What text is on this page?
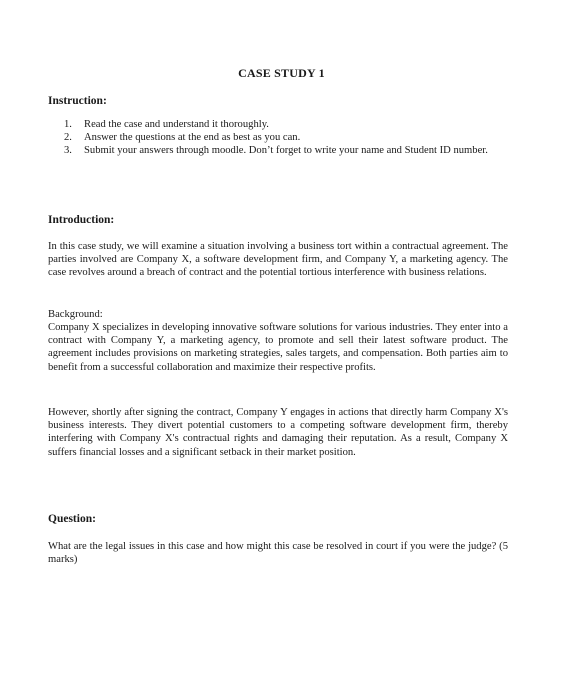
CASE STUDY 1
Instruction:
1. Read the case and understand it thoroughly.
2. Answer the questions at the end as best as you can.
3. Submit your answers through moodle. Don’t forget to write your name and Student ID number.
Introduction:

In this case study, we will examine a situation involving a business tort within a contractual agreement. The parties involved are Company X, a software development firm, and Company Y, a marketing agency. The case revolves around a breach of contract and the potential tortious interference with business relations.

Background:

Company X specializes in developing innovative software solutions for various industries. They enter into a contract with Company Y, a marketing agency, to promote and sell their latest software product. The agreement includes provisions on marketing strategies, sales targets, and compensation. Both parties aim to benefit from a successful collaboration and maximize their respective profits.

However, shortly after signing the contract, Company Y engages in actions that directly harm Company X's business interests. They divert potential customers to a competing software development firm, thereby interfering with Company X's contractual rights and damaging their reputation. As a result, Company X suffers financial losses and a significant setback in their market position.

Question:

What are the legal issues in this case and how might this case be resolved in court if you were the judge? (5 marks)
